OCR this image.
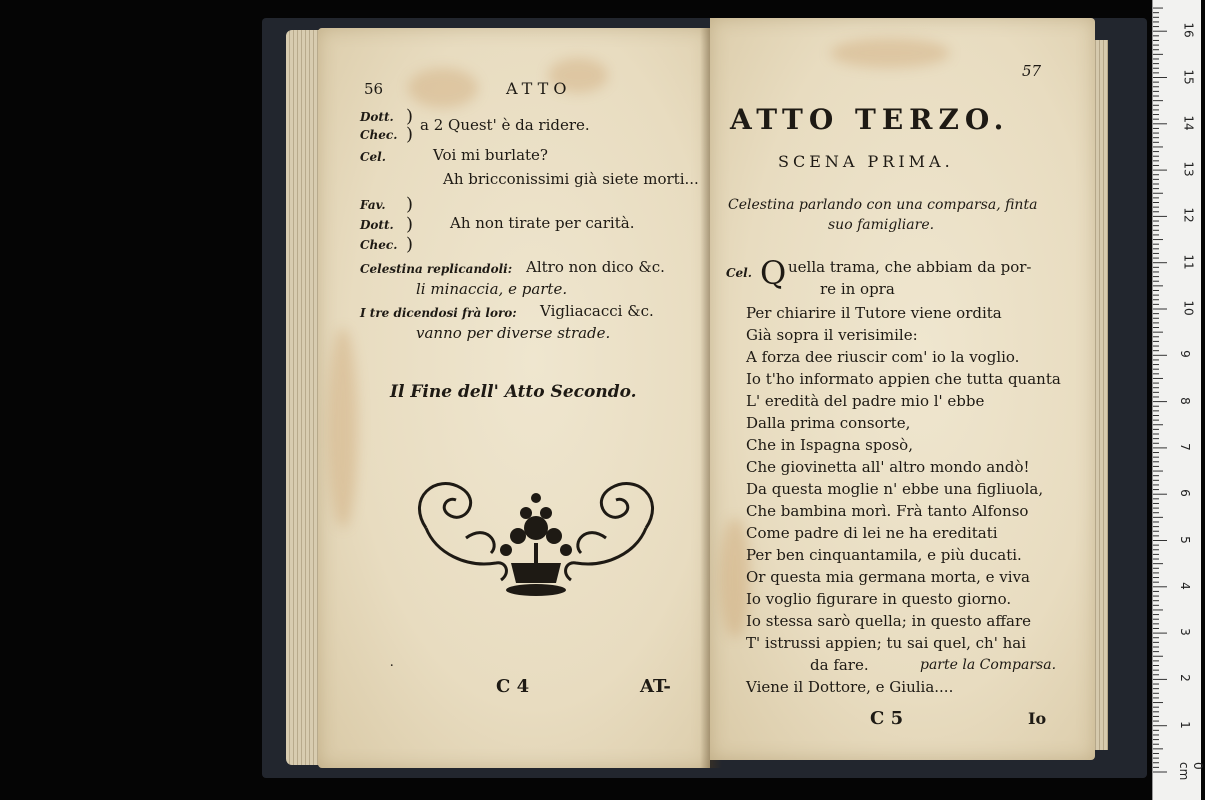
56	ATTO
Dott. ) a 2 Quest' è da ridere.
Chec. )
Cel.	Voi mi burlate?
Ah bricconissimi già siete morti...
Fav. )
Dott. ) Ah non tirate per carità.
Chec. )
Celestina replicandoli: Altro non dico &c.
li minaccia, e parte.
I tre dicendosi frà loro: Vigliacacci &c.
vanno per diverse strade.
Il Fine dell' Atto Secondo.
˙
C 4	AT-
57
ATTO TERZO.
SCENA PRIMA.
Celestina parlando con una comparsa, finta
suo famigliare.
Cel. Q uella trama, che abbiam da por-
re in opra
Per chiarire il Tutore viene ordita
Già sopra il verisimile:
A forza dee riuscir com' io la voglio.
Io t'ho informato appien che tutta quanta
L' eredità del padre mio l' ebbe
Dalla prima consorte,
Che in Ispagna sposò,
Che giovinetta all' altro mondo andò!
Da questa moglie n' ebbe una figliuola,
Che bambina morì. Frà tanto Alfonso
Come padre di lei ne ha ereditati
Per ben cinquantamila, e più ducati.
Or questa mia germana morta, e viva
Io voglio figurare in questo giorno.
Io stessa sarò quella; in questo affare
T' istrussi appien; tu sai quel, ch' hai
da fare.	parte la Comparsa.
Viene il Dottore, e Giulia....
C 5	Io
0 cm
1
2
3
4
5
6
7
8
9
10
11
12
13
14
15
16
